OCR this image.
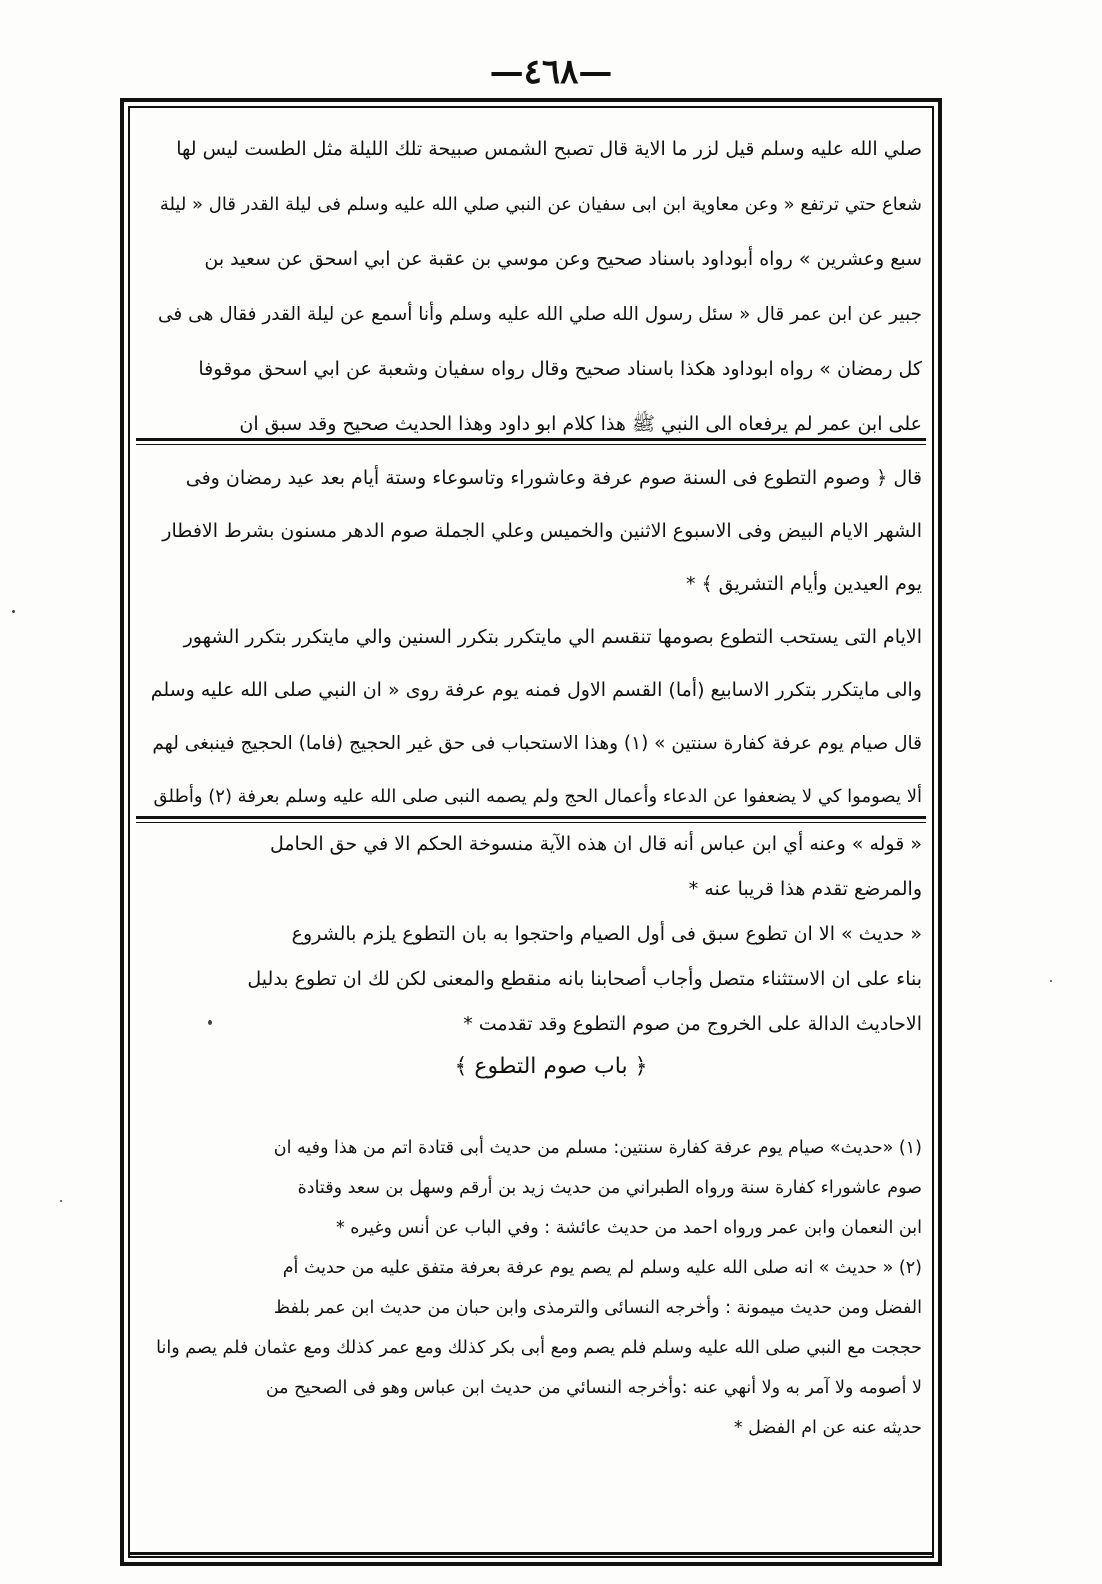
—٤٦٨—
صلي الله عليه وسلم قيل لزر ما الاية قال تصبح الشمس صبيحة تلك الليلة مثل الطست ليس لها
شعاع حتي ترتفع « وعن معاوية ابن ابى سفيان عن النبي صلي الله عليه وسلم فى ليلة القدر قال « ليلة
سبع وعشرين » رواه أبوداود باسناد صحيح وعن موسي بن عقبة عن ابي اسحق عن سعيد بن
جبير عن ابن عمر قال « سئل رسول الله صلي الله عليه وسلم وأنا أسمع عن ليلة القدر فقال هى فى
كل رمضان » رواه ابوداود هكذا باسناد صحيح وقال رواه سفيان وشعبة عن ابي اسحق موقوفا
على ابن عمر لم يرفعاه الى النبي ﷺ هذا كلام ابو داود وهذا الحديث صحيح وقد سبق ان
قال ﴿ وصوم التطوع فى السنة صوم عرفة وعاشوراء وتاسوعاء وستة أيام بعد عيد رمضان وفى
الشهر الايام البيض وفى الاسبوع الاثنين والخميس وعلي الجملة صوم الدهر مسنون بشرط الافطار
يوم العيدين وأيام التشريق ﴾ *
الايام التى يستحب التطوع بصومها تنقسم الي مايتكرر بتكرر السنين والي مايتكرر بتكرر الشهور
والى مايتكرر بتكرر الاسابيع (أما) القسم الاول فمنه يوم عرفة روى « ان النبي صلى الله عليه وسلم
قال صيام يوم عرفة كفارة سنتين » (١) وهذا الاستحباب فى حق غير الحجيج (فاما) الحجيج فينبغى لهم
ألا يصوموا كي لا يضعفوا عن الدعاء وأعمال الحج ولم يصمه النبى صلى الله عليه وسلم بعرفة (٢) وأطلق
« قوله » وعنه أي ابن عباس أنه قال ان هذه الآية منسوخة الحكم الا في حق الحامل
والمرضع تقدم هذا قريبا عنه *
« حديث » الا ان تطوع سبق فى أول الصيام واحتجوا به بان التطوع يلزم بالشروع
بناء على ان الاستثناء متصل وأجاب أصحابنا بانه منقطع والمعنى لكن لك ان تطوع بدليل
الاحاديث الدالة على الخروج من صوم التطوع وقد تقدمت *
﴿ باب صوم التطوع ﴾
(١) «حديث» صيام يوم عرفة كفارة سنتين: مسلم من حديث أبى قتادة اتم من هذا وفيه ان
صوم عاشوراء كفارة سنة ورواه الطبراني من حديث زيد بن أرقم وسهل بن سعد وقتادة
ابن النعمان وابن عمر ورواه احمد من حديث عائشة : وفي الباب عن أنس وغيره *
(٢) « حديث » انه صلى الله عليه وسلم لم يصم يوم عرفة بعرفة متفق عليه من حديث أم
الفضل ومن حديث ميمونة : وأخرجه النسائى والترمذى وابن حبان من حديث ابن عمر بلفظ
حججت مع النبي صلى الله عليه وسلم فلم يصم ومع أبى بكر كذلك ومع عمر كذلك ومع عثمان فلم يصم وانا
لا أصومه ولا آمر به ولا أنهي عنه :وأخرجه النسائي من حديث ابن عباس وهو فى الصحيح من
حديثه عنه عن ام الفضل *
